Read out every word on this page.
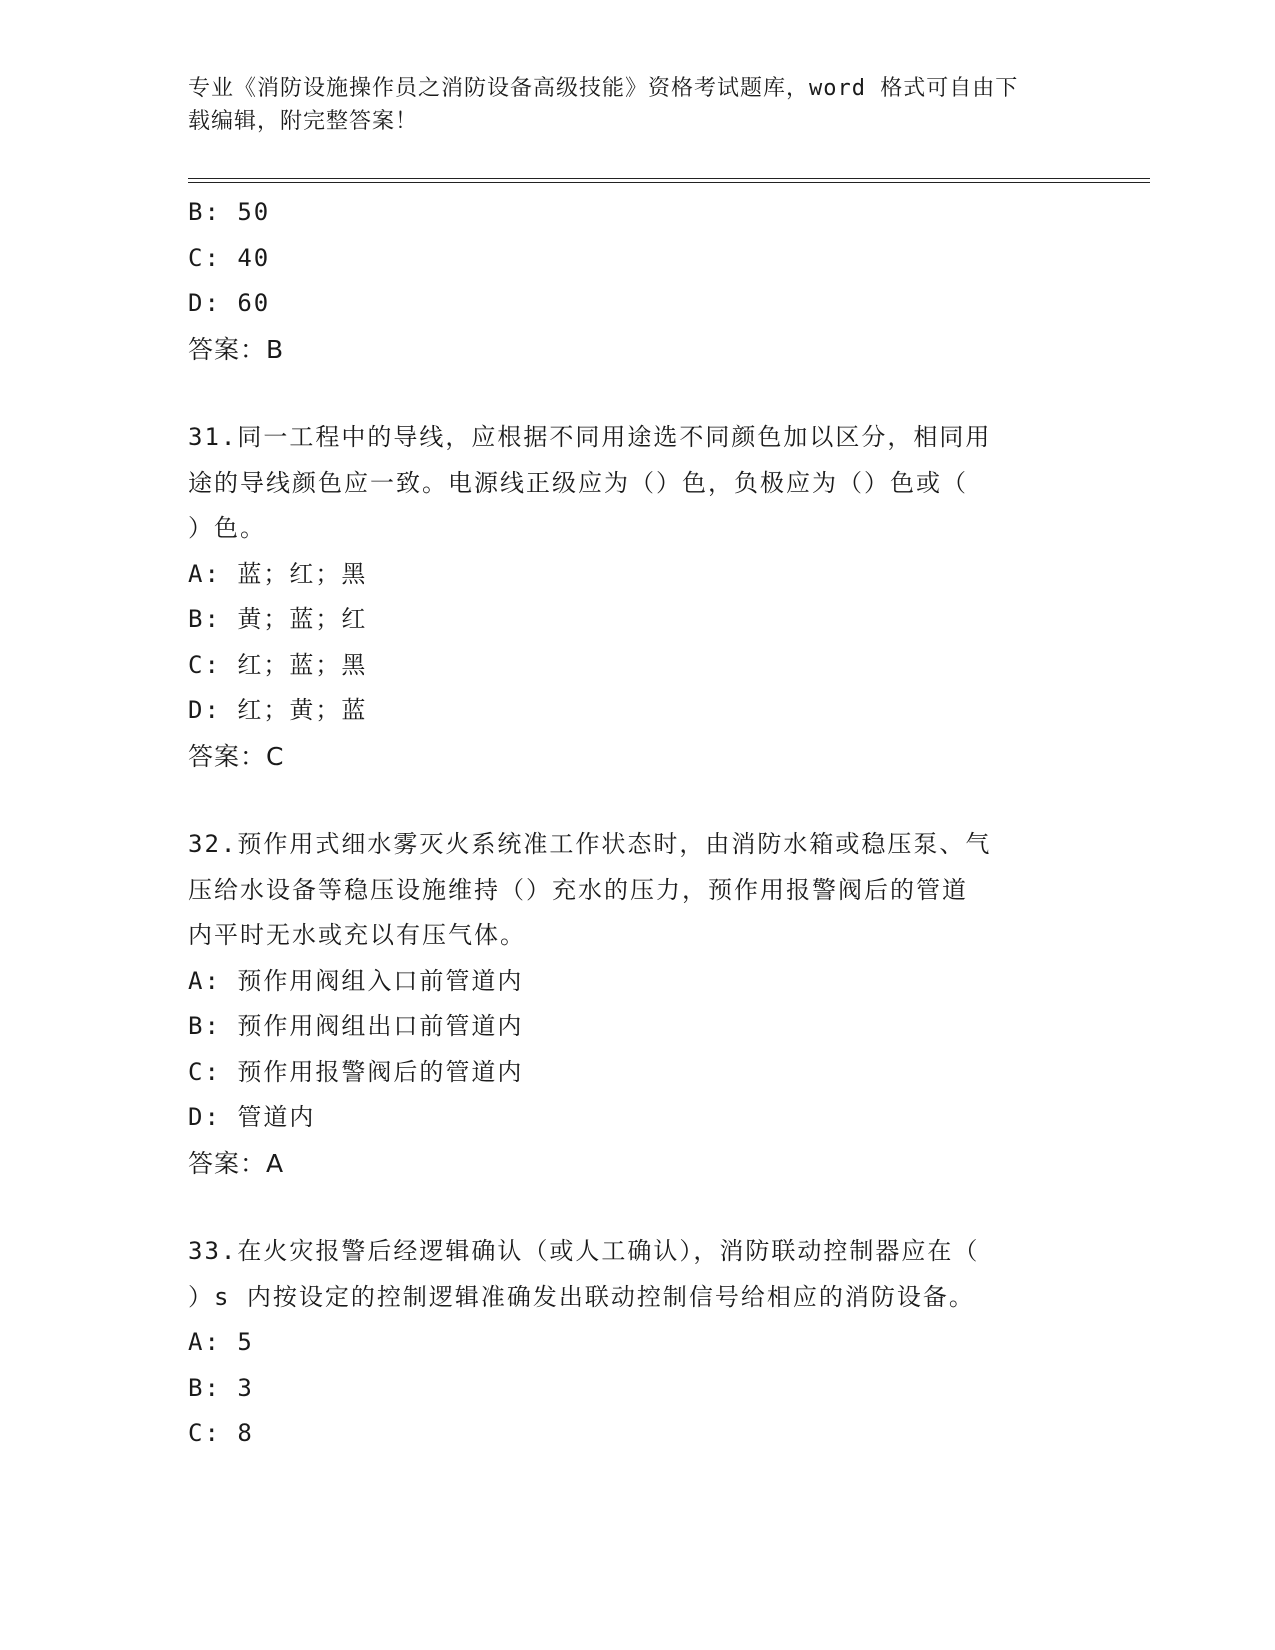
专业《消防设施操作员之消防设备高级技能》资格考试题库，word 格式可自由下
载编辑，附完整答案！
B:  50
C:  40
D:  60
答案：B
31.同一工程中的导线，应根据不同用途选不同颜色加以区分，相同用
途的导线颜色应一致。电源线正级应为（）色，负极应为（）色或（
）色。
A:  蓝；红；黑
B:  黄；蓝；红
C:  红；蓝；黑
D:  红；黄；蓝
答案：C
32.预作用式细水雾灭火系统准工作状态时，由消防水箱或稳压泵、气
压给水设备等稳压设施维持（）充水的压力，预作用报警阀后的管道
内平时无水或充以有压气体。
A:  预作用阀组入口前管道内
B:  预作用阀组出口前管道内
C:  预作用报警阀后的管道内
D:  管道内
答案：A
33.在火灾报警后经逻辑确认（或人工确认），消防联动控制器应在（
）s 内按设定的控制逻辑准确发出联动控制信号给相应的消防设备。
A:  5
B:  3
C:  8
